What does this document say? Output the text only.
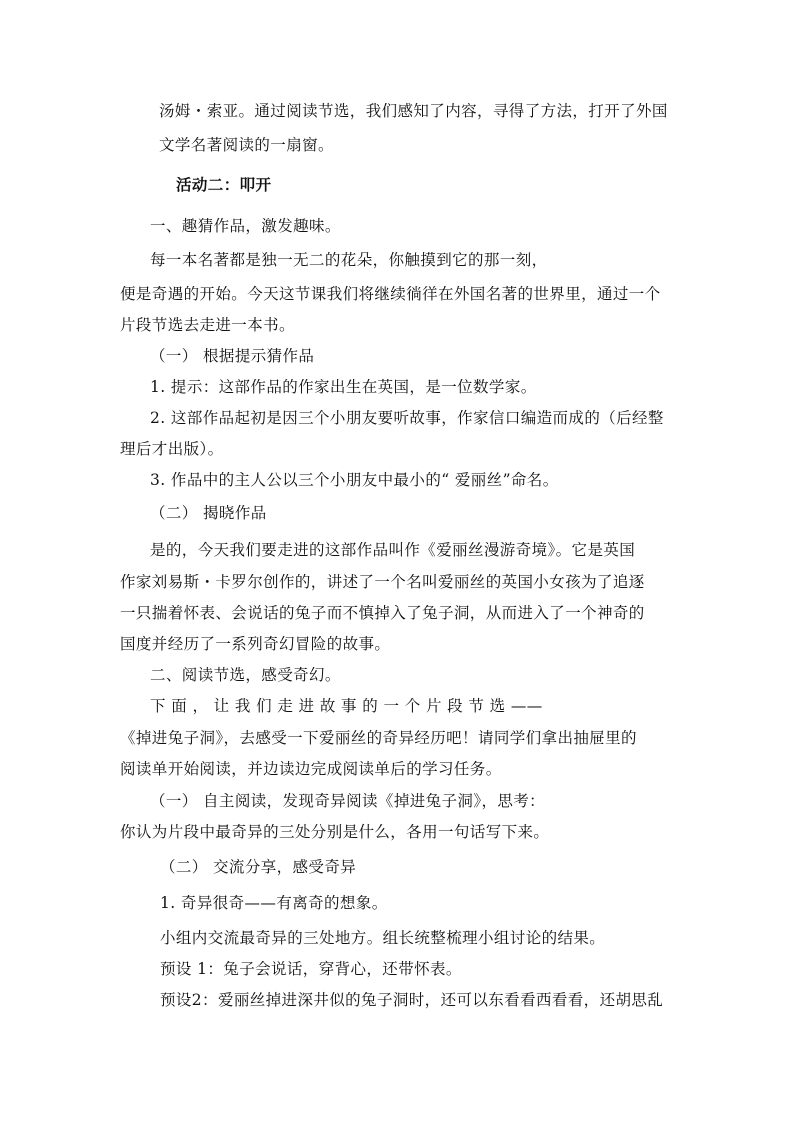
汤姆・索亚。通过阅读节选，我们感知了内容，寻得了方法，打开了外国
文学名著阅读的一扇窗。
活动二：叩开
一、趣猜作品，激发趣味。
每一本名著都是独一无二的花朵，你触摸到它的那一刻，
便是奇遇的开始。今天这节课我们将继续徜徉在外国名著的世界里，通过一个
片段节选去走进一本书。
（一） 根据提示猜作品
1. 提示：这部作品的作家出生在英国，是一位数学家。
2. 这部作品起初是因三个小朋友要听故事，作家信口编造而成的（后经整
理后才出版）。
3. 作品中的主人公以三个小朋友中最小的“ 爱丽丝”命名。
（二） 揭晓作品
是的，今天我们要走进的这部作品叫作《爱丽丝漫游奇境》。它是英国
作家刘易斯・卡罗尔创作的，讲述了一个名叫爱丽丝的英国小女孩为了追逐
一只揣着怀表、会说话的兔子而不慎掉入了兔子洞，从而进入了一个神奇的
国度并经历了一系列奇幻冒险的故事。
二、阅读节选，感受奇幻。
下 面 ， 让 我 们 走 进 故 事 的 一 个 片 段 节 选 ——
《掉进兔子洞》，去感受一下爱丽丝的奇异经历吧！请同学们拿出抽屉里的
阅读单开始阅读，并边读边完成阅读单后的学习任务。
（一） 自主阅读，发现奇异阅读《掉进兔子洞》，思考：
你认为片段中最奇异的三处分别是什么，各用一句话写下来。
（二） 交流分享，感受奇异
1. 奇异很奇——有离奇的想象。
小组内交流最奇异的三处地方。组长统整梳理小组讨论的结果。
预设 1：兔子会说话，穿背心，还带怀表。
预设2：爱丽丝掉进深井似的兔子洞时，还可以东看看西看看，还胡思乱
